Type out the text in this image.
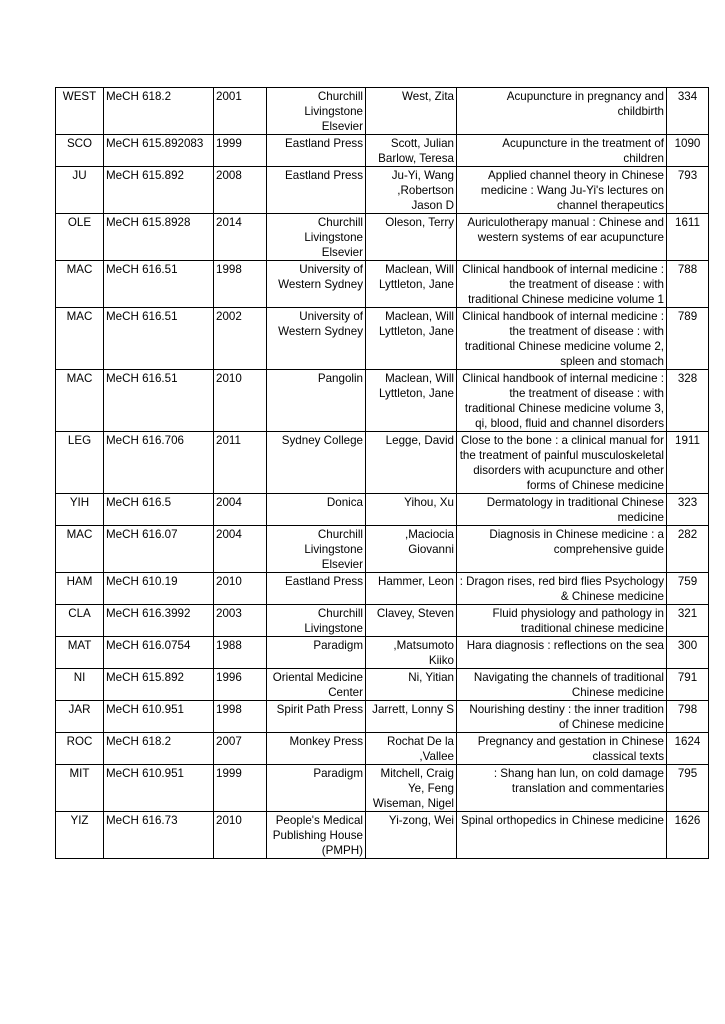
WEST	MeCH 618.2	2001	Churchill Livingstone Elsevier	West, Zita	Acupuncture in pregnancy and childbirth	334
SCO	MeCH 615.892083	1999	Eastland Press	Scott, Julian Barlow, Teresa	Acupuncture in the treatment of children	1090
JU	MeCH 615.892	2008	Eastland Press	Ju-Yi, Wang ,Robertson Jason D	Applied channel theory in Chinese medicine : Wang Ju-Yi's lectures on channel therapeutics	793
OLE	MeCH 615.8928	2014	Churchill Livingstone Elsevier	Oleson, Terry	Auriculotherapy manual : Chinese and western systems of ear acupuncture	1611
MAC	MeCH 616.51	1998	University of Western Sydney	Maclean, Will Lyttleton, Jane	Clinical handbook of internal medicine : the treatment of disease : with traditional Chinese medicine volume 1	788
MAC	MeCH 616.51	2002	University of Western Sydney	Maclean, Will Lyttleton, Jane	Clinical handbook of internal medicine : the treatment of disease : with traditional Chinese medicine volume 2, spleen and stomach	789
MAC	MeCH 616.51	2010	Pangolin	Maclean, Will Lyttleton, Jane	Clinical handbook of internal medicine : the treatment of disease : with traditional Chinese medicine volume 3, qi, blood, fluid and channel disorders	328
LEG	MeCH 616.706	2011	Sydney College	Legge, David	Close to the bone : a clinical manual for the treatment of painful musculoskeletal disorders with acupuncture and other forms of Chinese medicine	1911
YIH	MeCH 616.5	2004	Donica	Yihou, Xu	Dermatology in traditional Chinese medicine	323
MAC	MeCH 616.07	2004	Churchill Livingstone Elsevier	,Maciocia Giovanni	Diagnosis in Chinese medicine : a comprehensive guide	282
HAM	MeCH 610.19	2010	Eastland Press	Hammer, Leon	: Dragon rises, red bird flies Psychology & Chinese medicine	759
CLA	MeCH 616.3992	2003	Churchill Livingstone	Clavey, Steven	Fluid physiology and pathology in traditional chinese medicine	321
MAT	MeCH 616.0754	1988	Paradigm	,Matsumoto Kiiko	Hara diagnosis : reflections on the sea	300
NI	MeCH 615.892	1996	Oriental Medicine Center	Ni, Yitian	Navigating the channels of traditional Chinese medicine	791
JAR	MeCH 610.951	1998	Spirit Path Press	Jarrett, Lonny S	Nourishing destiny : the inner tradition of Chinese medicine	798
ROC	MeCH 618.2	2007	Monkey Press	Rochat De la ,Vallee	Pregnancy and gestation in Chinese classical texts	1624
MIT	MeCH 610.951	1999	Paradigm	Mitchell, Craig Ye, Feng Wiseman, Nigel	: Shang han lun, on cold damage translation and commentaries	795
YIZ	MeCH 616.73	2010	People's Medical Publishing House (PMPH)	Yi-zong, Wei	Spinal orthopedics in Chinese medicine	1626
